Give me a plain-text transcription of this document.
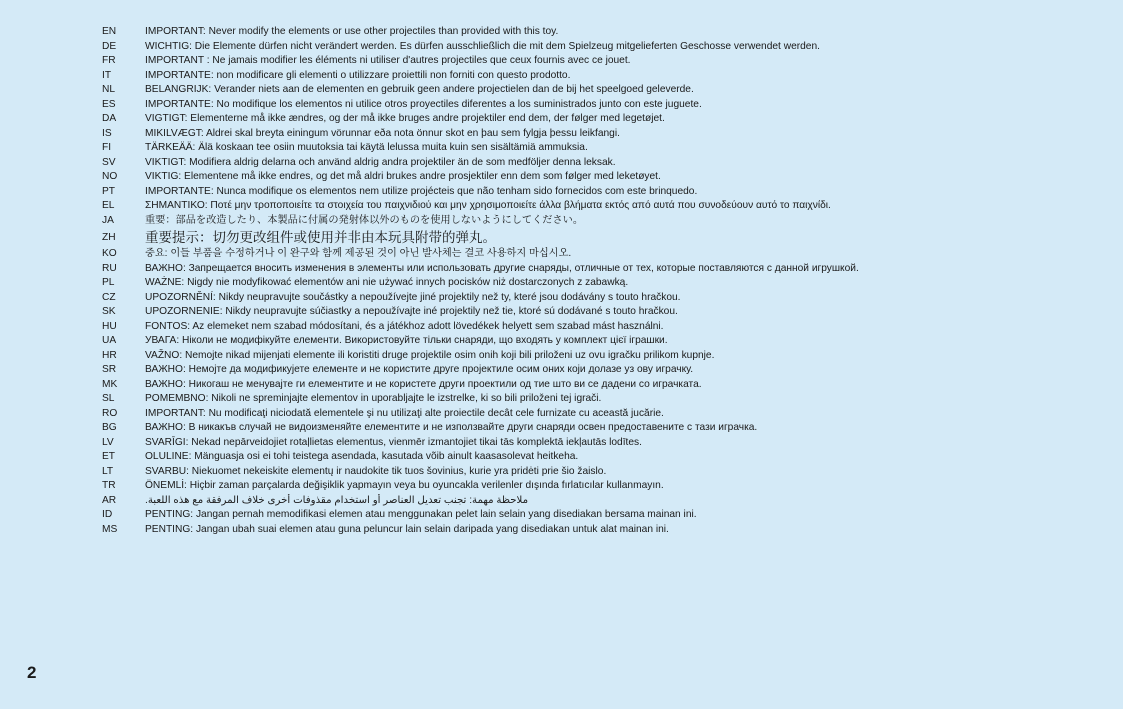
EN	IMPORTANT: Never modify the elements or use other projectiles than provided with this toy.
DE	WICHTIG: Die Elemente dürfen nicht verändert werden. Es dürfen ausschließlich die mit dem Spielzeug mitgelieferten Geschosse verwendet werden.
FR	IMPORTANT : Ne jamais modifier les éléments ni utiliser d'autres projectiles que ceux fournis avec ce jouet.
IT	IMPORTANTE: non modificare gli elementi o utilizzare proiettili non forniti con questo prodotto.
NL	BELANGRIJK: Verander niets aan de elementen en gebruik geen andere projectielen dan de bij het speelgoed geleverde.
ES	IMPORTANTE: No modifique los elementos ni utilice otros proyectiles diferentes a los suministrados junto con este juguete.
DA	VIGTIGT: Elementerne må ikke ændres, og der må ikke bruges andre projektiler end dem, der følger med legetøjet.
IS	MIKILVÆGT: Aldrei skal breyta einingum vörunnar eða nota önnur skot en þau sem fylgja þessu leikfangi.
FI	TÄRKEÄÄ: Älä koskaan tee osiin muutoksia tai käytä lelussa muita kuin sen sisältämiä ammuksia.
SV	VIKTIGT: Modifiera aldrig delarna och använd aldrig andra projektiler än de som medföljer denna leksak.
NO	VIKTIG: Elementene må ikke endres, og det må aldri brukes andre prosjektiler enn dem som følger med leketøyet.
PT	IMPORTANTE: Nunca modifique os elementos nem utilize projécteis que não tenham sido fornecidos com este brinquedo.
EL	ΣΗΜΑΝΤΙΚΟ: Ποτέ μην τροποποιείτε τα στοιχεία του παιχνιδιού και μην χρησιμοποιείτε άλλα βλήματα εκτός από αυτά που συνοδεύουν αυτό το παιχνίδι.
JA	重要：部品を改造したり、本製品に付属の発射体以外のものを使用しないようにしてください。
ZH	重要提示：切勿更改组件或使用并非由本玩具附带的弹丸。
KO	중요: 이들 부품을 수정하거나 이 완구와 함께 제공된 것이 아닌 발사체는 결코 사용하지 마십시오.
RU	ВАЖНО: Запрещается вносить изменения в элементы или использовать другие снаряды, отличные от тех, которые поставляются с данной игрушкой.
PL	WAŻNE: Nigdy nie modyfikować elementów ani nie używać innych pocisków niż dostarczonych z zabawką.
CZ	UPOZORNĚNÍ: Nikdy neupravujte součástky a nepoužívejte jiné projektily než ty, které jsou dodávány s touto hračkou.
SK	UPOZORNENIE: Nikdy neupravujte súčiastky a nepoužívajte iné projektily než tie, ktoré sú dodávané s touto hračkou.
HU	FONTOS: Az elemeket nem szabad módosítani, és a játékhoz adott lövedékek helyett sem szabad mást használni.
UA	УВАГА: Ніколи не модифікуйте елементи. Використовуйте тільки снаряди, що входять у комплект цієї іграшки.
HR	VAŽNO: Nemojte nikad mijenjati elemente ili koristiti druge projektile osim onih koji bili priloženi uz ovu igračku prilikom kupnje.
SR	ВАЖНО: Немојте да модификујете елементе и не користите друге пројектиле осим оних који долазе уз ову играчку.
MK	ВАЖНО: Никогаш не менувајте ги елементите и не користете други проектили од тие што ви се дадени со играчката.
SL	POMEMBNO: Nikoli ne spreminjajte elementov in uporabljajte le izstrelke, ki so bili priloženi tej igrači.
RO	IMPORTANT: Nu modificaţi niciodată elementele şi nu utilizaţi alte proiectile decât cele furnizate cu această jucărie.
BG	ВАЖНО: В никакъв случай не видоизменяйте елементите и не използвайте други снаряди освен предоставените с тази играчка.
LV	SVARĪGI: Nekad nepārveidojiet rotaļlietas elementus, vienmēr izmantojiet tikai tās komplektā iekļautās lodītes.
ET	OLULINE: Mänguasja osi ei tohi teistega asendada, kasutada võib ainult kaasasolevat heitkeha.
LT	SVARBU: Niekuomet nekeiskite elementų ir naudokite tik tuos šovinius, kurie yra pridėti prie šio žaislo.
TR	ÖNEMLİ: Hiçbir zaman parçalarda değişiklik yapmayın veya bu oyuncakla verilenler dışında fırlatıcılar kullanmayın.
AR	ملاحظة مهمة: تجنب تعديل العناصر أو استخدام مقذوفات أخرى خلاف المرفقة مع هذه اللعبة.
ID	PENTING: Jangan pernah memodifikasi elemen atau menggunakan pelet lain selain yang disediakan bersama mainan ini.
MS	PENTING: Jangan ubah suai elemen atau guna peluncur lain selain daripada yang disediakan untuk alat mainan ini.
2
